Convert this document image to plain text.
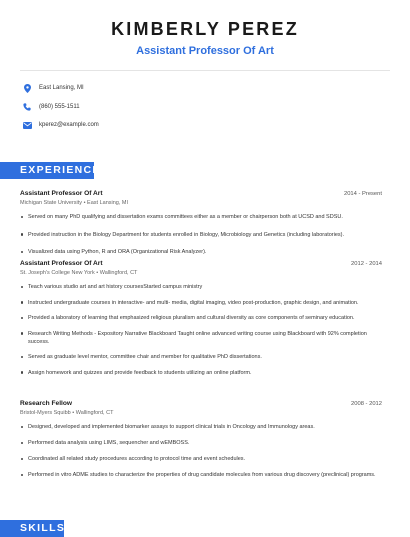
KIMBERLY PEREZ
Assistant Professor Of Art
East Lansing, MI
(860) 555-1511
kperez@example.com
EXPERIENCE
Assistant Professor Of Art	2014 - Present
Michigan State University • East Lansing, MI
Served on many PhD qualifying and dissertation exams committees either as a member or chairperson both at UCSD and SDSU.
Provided instruction in the Biology Department for students enrolled in Biology, Microbiology and Genetics (including laboratories).
Visualized data using Python, R and ORA (Organizational Risk Analyzer).
Assistant Professor Of Art	2012 - 2014
St. Joseph's College New York • Wallingford, CT
Teach various studio art and art history coursesStarted campus ministry
Instructed undergraduate courses in interactive- and multi- media, digital imaging, video post-production, graphic design, and animation.
Provided a laboratory of learning that emphasized religious pluralism and cultural diversity as core components of seminary education.
Research Writing Methods - Expository Narrative Blackboard Taught online advanced writing course using Blackboard with 92% completion success.
Served as graduate level mentor, committee chair and member for qualitative PhD dissertations.
Assign homework and quizzes and provide feedback to students utilizing an online platform.
Research Fellow	2008 - 2012
Bristol-Myers Squibb • Wallingford, CT
Designed, developed and implemented biomarker assays to support clinical trials in Oncology and Immunology areas.
Performed data analysis using LIMS, sequencher and wEMBOSS.
Coordinated all related study procedures according to protocol time and event schedules.
Performed in vitro ADME studies to characterize the properties of drug candidate molecules from various drug discovery (preclinical) programs.
SKILLS
